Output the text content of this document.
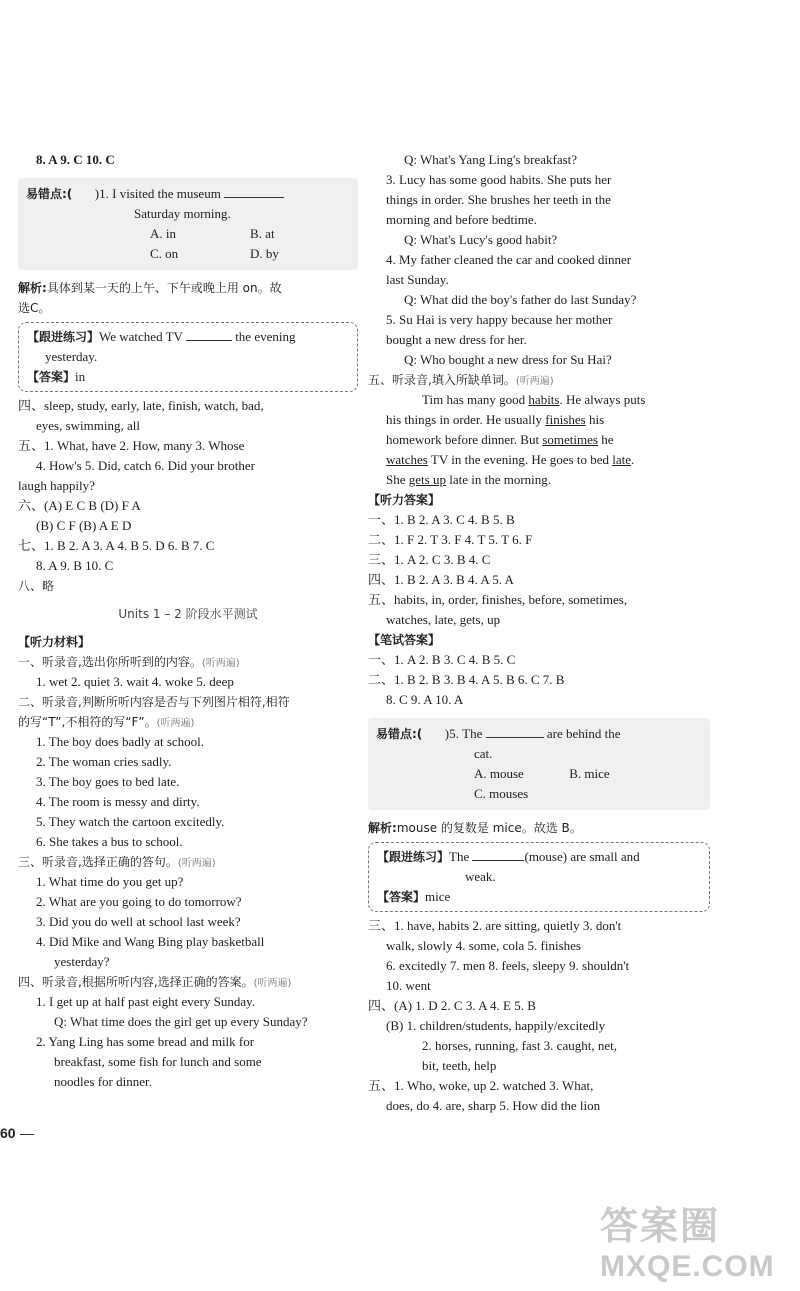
8. A 9. C 10. C
易错点:( )1. I visited the museum
Saturday morning.
A. in	B. at
C. on	D. by
解析:具体到某一天的上午、下午或晚上用 on。故
选C。
【跟进练习】We watched TV	the evening
yesterday.
【答案】in
四、sleep, study, early, late, finish, watch, bad,
eyes, swimming, all
五、1. What, have 2. How, many 3. Whose
4. How's 5. Did, catch 6. Did your brother
laugh happily?
六、(A) E C B (D) F A
(B) C F (B) A E D
七、1. B 2. A 3. A 4. B 5. D 6. B 7. C
8. A 9. B 10. C
八、略
Units 1 – 2 阶段水平测试
【听力材料】
一、听录音,选出你所听到的内容。(听两遍)
1. wet 2. quiet 3. wait 4. woke 5. deep
二、听录音,判断所听内容是否与下列图片相符,相符
的写“T”,不相符的写“F”。(听两遍)
1. The boy does badly at school.
2. The woman cries sadly.
3. The boy goes to bed late.
4. The room is messy and dirty.
5. They watch the cartoon excitedly.
6. She takes a bus to school.
三、听录音,选择正确的答句。(听两遍)
1. What time do you get up?
2. What are you going to do tomorrow?
3. Did you do well at school last week?
4. Did Mike and Wang Bing play basketball
yesterday?
四、听录音,根据所听内容,选择正确的答案。(听两遍)
1. I get up at half past eight every Sunday.
Q: What time does the girl get up every Sunday?
2. Yang Ling has some bread and milk for
breakfast, some fish for lunch and some
noodles for dinner.
Q: What's Yang Ling's breakfast?
3. Lucy has some good habits. She puts her
things in order. She brushes her teeth in the
morning and before bedtime.
Q: What's Lucy's good habit?
4. My father cleaned the car and cooked dinner
last Sunday.
Q: What did the boy's father do last Sunday?
5. Su Hai is very happy because her mother
bought a new dress for her.
Q: Who bought a new dress for Su Hai?
五、听录音,填入所缺单词。(听两遍)
Tim has many good habits. He always puts
his things in order. He usually finishes his
homework before dinner. But sometimes he
watches TV in the evening. He goes to bed late.
She gets up late in the morning.
【听力答案】
一、1. B 2. A 3. C 4. B 5. B
二、1. F 2. T 3. F 4. T 5. T 6. F
三、1. A 2. C 3. B 4. C
四、1. B 2. A 3. B 4. A 5. A
五、habits, in, order, finishes, before, sometimes,
watches, late, gets, up
【笔试答案】
一、1. A 2. B 3. C 4. B 5. C
二、1. B 2. B 3. B 4. A 5. B 6. C 7. B
8. C 9. A 10. A
易错点:( )5. The	are behind the
cat.
A. mouse	B. mice
C. mouses
解析:mouse 的复数是 mice。故选 B。
【跟进练习】The	(mouse) are small and
weak.
【答案】mice
三、1. have, habits 2. are sitting, quietly 3. don't
walk, slowly 4. some, cola 5. finishes
6. excitedly 7. men 8. feels, sleepy 9. shouldn't
10. went
四、(A) 1. D 2. C 3. A 4. E 5. B
(B) 1. children/students, happily/excitedly
2. horses, running, fast 3. caught, net,
bit, teeth, help
五、1. Who, woke, up 2. watched 3. What,
does, do 4. are, sharp 5. How did the lion
60
答案圈
MXQE.COM
